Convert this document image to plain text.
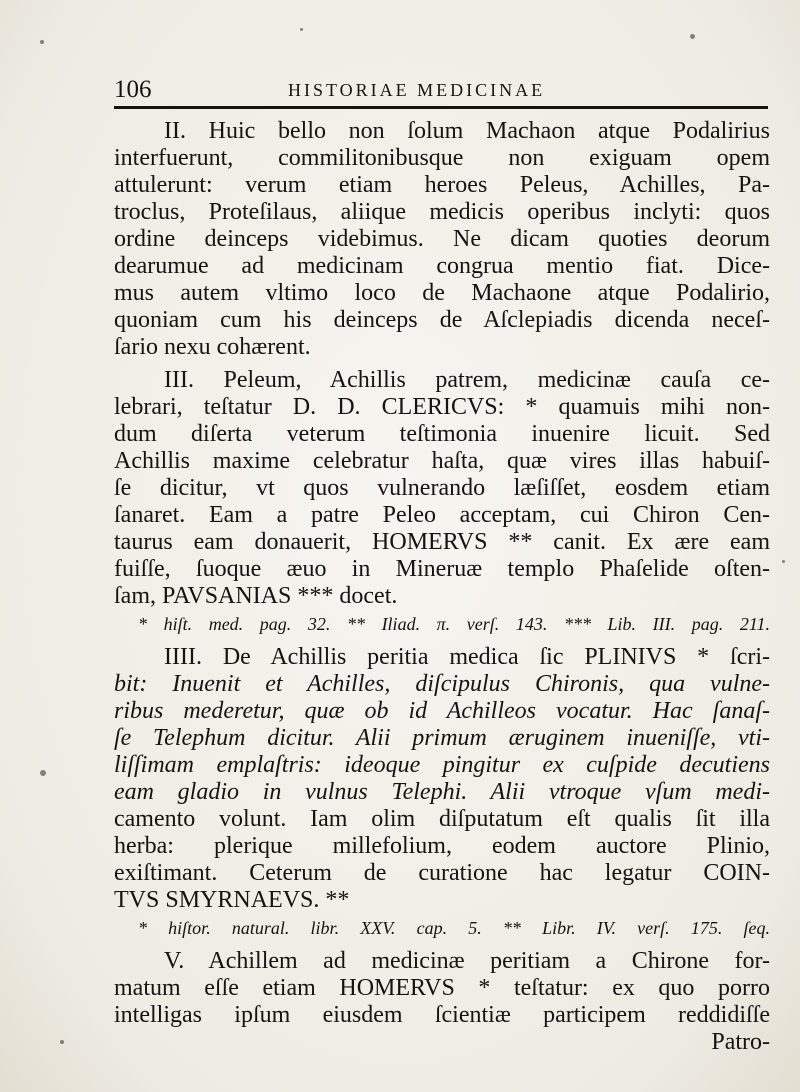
106	HISTORIAE MEDICINAE
II. Huic bello non ſolum Machaon atque Podalirius
interfuerunt, commilitonibusque non exiguam opem
attulerunt: verum etiam heroes Peleus, Achilles, Pa-
troclus, Proteſilaus, aliique medicis operibus inclyti: quos
ordine deinceps videbimus. Ne dicam quoties deorum
dearumue ad medicinam congrua mentio fiat. Dice-
mus autem vltimo loco de Machaone atque Podalirio,
quoniam cum his deinceps de Aſclepiadis dicenda neceſ-
ſario nexu cohærent.
III. Peleum, Achillis patrem, medicinæ cauſa ce-
lebrari, teſtatur D. D. CLERICVS: * quamuis mihi non-
dum diſerta veterum teſtimonia inuenire licuit. Sed
Achillis maxime celebratur haſta, quæ vires illas habuiſ-
ſe dicitur, vt quos vulnerando læſiſſet, eosdem etiam
ſanaret. Eam a patre Peleo acceptam, cui Chiron Cen-
taurus eam donauerit, HOMERVS ** canit. Ex ære eam
fuiſſe, ſuoque æuo in Mineruæ templo Phaſelide oſten-
ſam, PAVSANIAS *** docet.
* hiſt. med. pag. 32. ** Iliad. π. verſ. 143. *** Lib. III. pag. 211.
IIII. De Achillis peritia medica ſic PLINIVS * ſcri-
bit: Inuenit et Achilles, diſcipulus Chironis, qua vulne-
ribus mederetur, quæ ob id Achilleos vocatur. Hac ſanaſ-
ſe Telephum dicitur. Alii primum æruginem inueniſſe, vti-
liſſimam emplaſtris: ideoque pingitur ex cuſpide decutiens
eam gladio in vulnus Telephi. Alii vtroque vſum medi-
camento volunt. Iam olim diſputatum eſt qualis ſit illa
herba: plerique millefolium, eodem auctore Plinio,
exiſtimant. Ceterum de curatione hac legatur COIN-
TVS SMYRNAEVS. **
* hiſtor. natural. libr. XXV. cap. 5. ** Libr. IV. verſ. 175. ſeq.
V. Achillem ad medicinæ peritiam a Chirone for-
matum eſſe etiam HOMERVS * teſtatur: ex quo porro
intelligas ipſum eiusdem ſcientiæ participem reddidiſſe
Patro-
